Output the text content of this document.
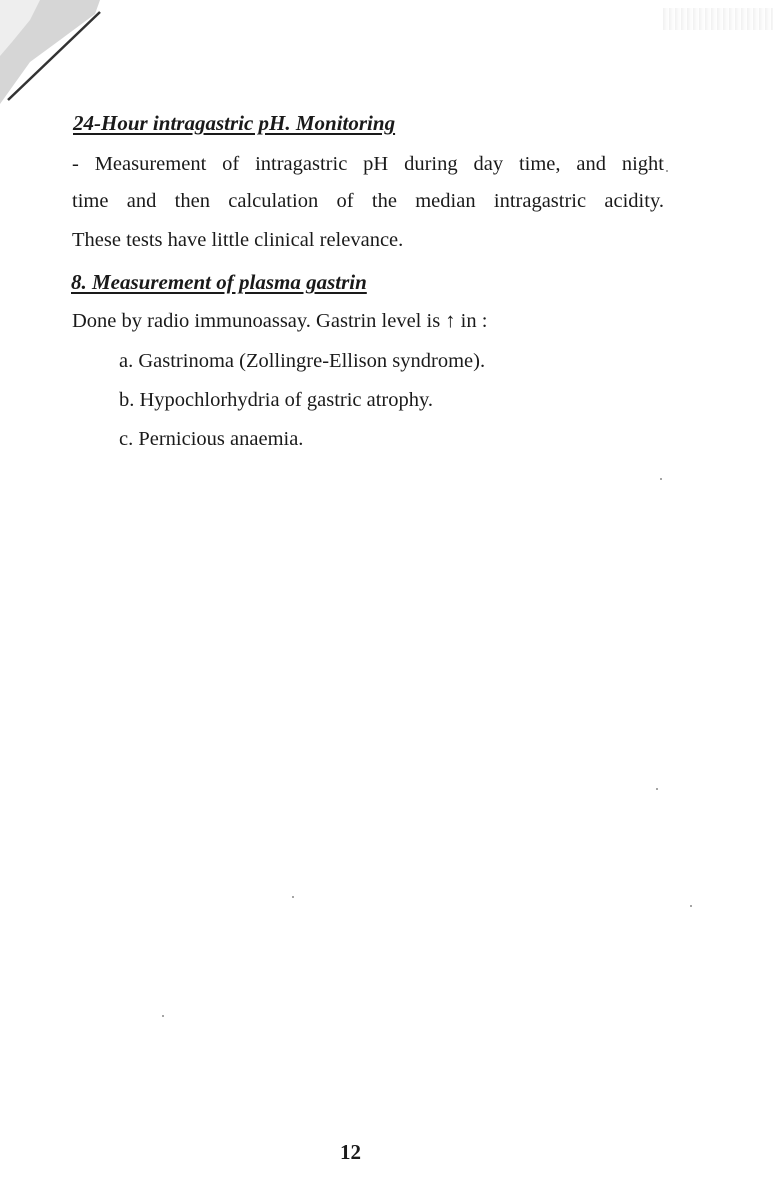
24-Hour intragastric pH. Monitoring

- Measurement of intragastric pH during day time, and night

time and then calculation of the median intragastric acidity.

These tests have little clinical relevance.

8. Measurement of plasma gastrin

Done by radio immunoassay. Gastrin level is ↑ in :

a. Gastrinoma (Zollingre-Ellison syndrome).

b. Hypochlorhydria of gastric atrophy.

c. Pernicious anaemia.

12
